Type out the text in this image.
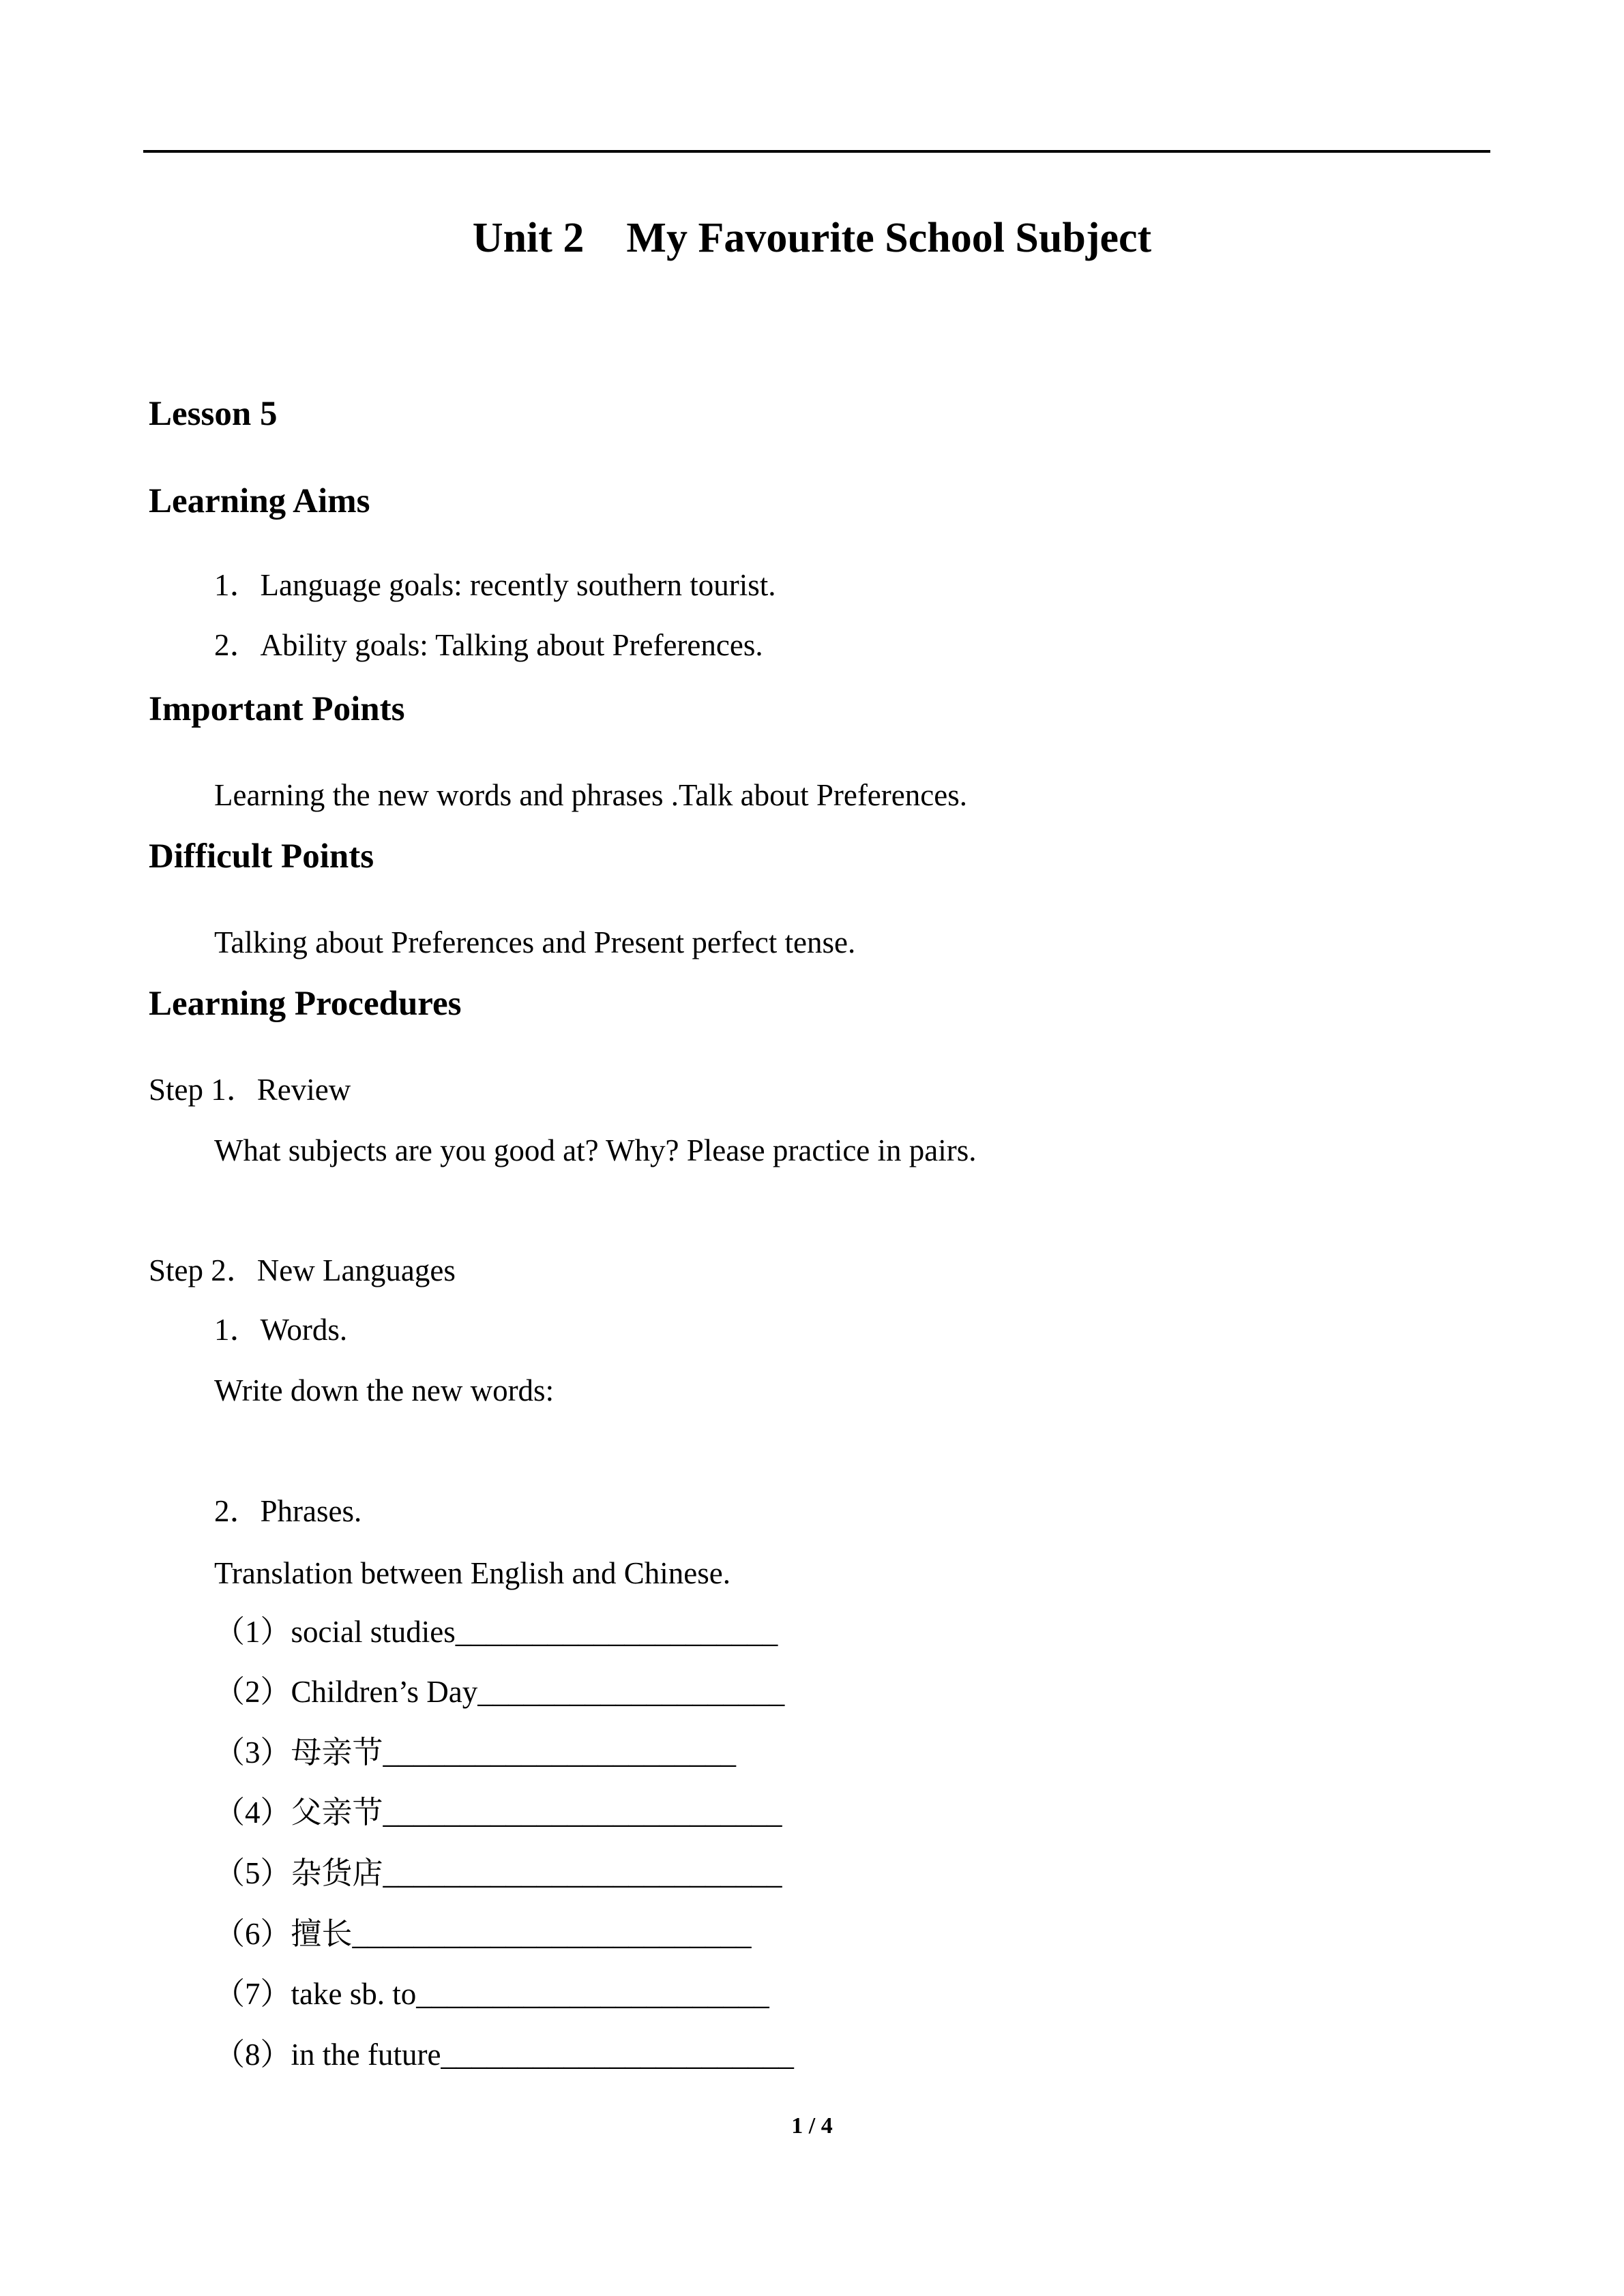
Unit 2　My Favourite School Subject
Lesson 5
Learning Aims
1．Language goals: recently southern tourist.
2．Ability goals: Talking about Preferences.
Important Points
Learning the new words and phrases .Talk about Preferences.
Difficult Points
Talking about Preferences and Present perfect tense.
Learning Procedures
Step 1．Review
What subjects are you good at? Why? Please practice in pairs.
Step 2．New Languages
1．Words.
Write down the new words:
2．Phrases.
Translation between English and Chinese.
（1）social studies_____________________
（2）Children’s Day____________________
（3）母亲节_______________________
（4）父亲节__________________________
（5）杂货店__________________________
（6）擅长__________________________
（7）take sb. to_______________________
（8）in the future_______________________
1 / 4
